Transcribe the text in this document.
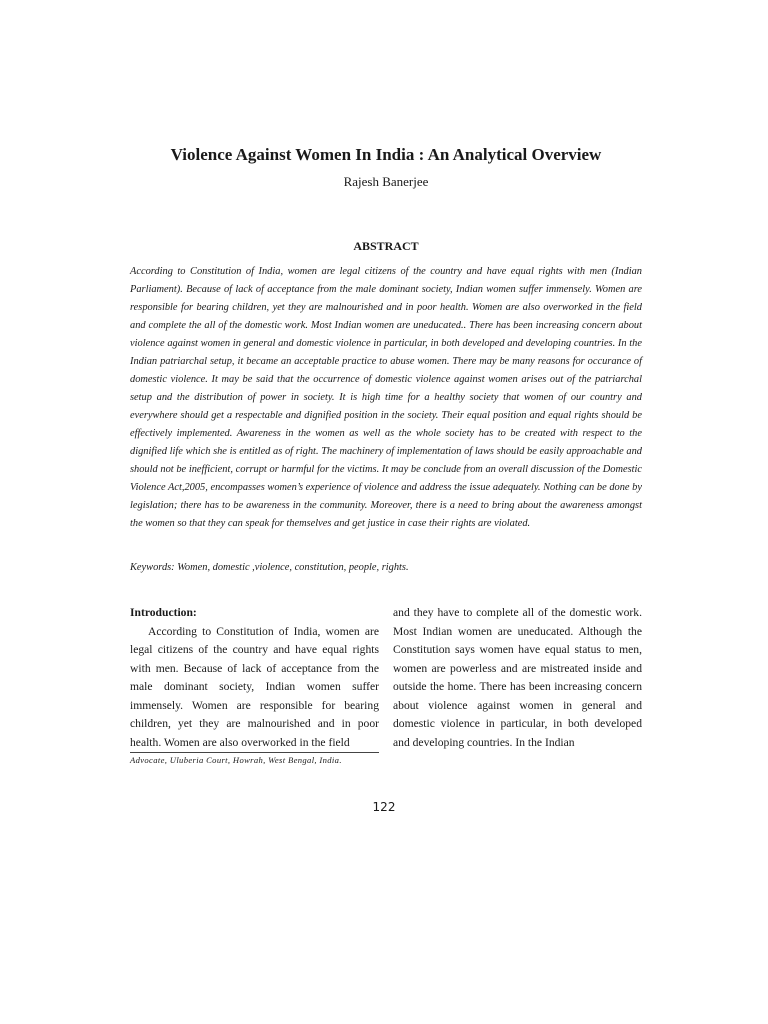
Violence Against Women In India : An Analytical Overview
Rajesh Banerjee
ABSTRACT

According to Constitution of India, women are legal citizens of the country and have equal rights with men (Indian Parliament). Because of lack of acceptance from the male dominant society, Indian women suffer immensely. Women are responsible for bearing children, yet they are malnourished and in poor health. Women are also overworked in the field and complete the all of the domestic work. Most Indian women are uneducated.. There has been increasing concern about violence against women in general and domestic violence in particular, in both developed and developing countries. In the Indian patriarchal setup, it became an acceptable practice to abuse women. There may be many reasons for occurance of domestic violence. It may be said that the occurrence of domestic violence against women arises out of the patriarchal setup and the distribution of power in society. It is high time for a healthy society that women of our country and everywhere should get a respectable and dignified position in the society. Their equal position and equal rights should be effectively implemented. Awareness in the women as well as the whole society has to be created with respect to the dignified life which she is entitled as of right. The machinery of implementation of laws should be easily approachable and should not be inefficient, corrupt or harmful for the victims. It may be conclude from an overall discussion of the Domestic Violence Act,2005, encompasses women’s experience of violence and address the issue adequately. Nothing can be done by legislation; there has to be awareness in the community. Moreover, there is a need to bring about the awareness amongst the women so that they can speak for themselves and get justice in case their rights are violated.

Keywords: Women, domestic ,violence, constitution, people, rights.

Introduction:

According to Constitution of India, women are legal citizens of the country and have equal rights with men. Because of lack of acceptance from the male dominant society, Indian women suffer immensely. Women are responsible for bearing children, yet they are malnourished and in poor health. Women are also overworked in the field

and they have to complete all of the domestic work. Most Indian women are uneducated. Although the Constitution says women have equal status to men, women are powerless and are mistreated inside and outside the home. There has been increasing concern about violence against women in general and domestic violence in particular, in both developed and developing countries. In the Indian

Advocate, Uluberia Court, Howrah, West Bengal, India.

122
